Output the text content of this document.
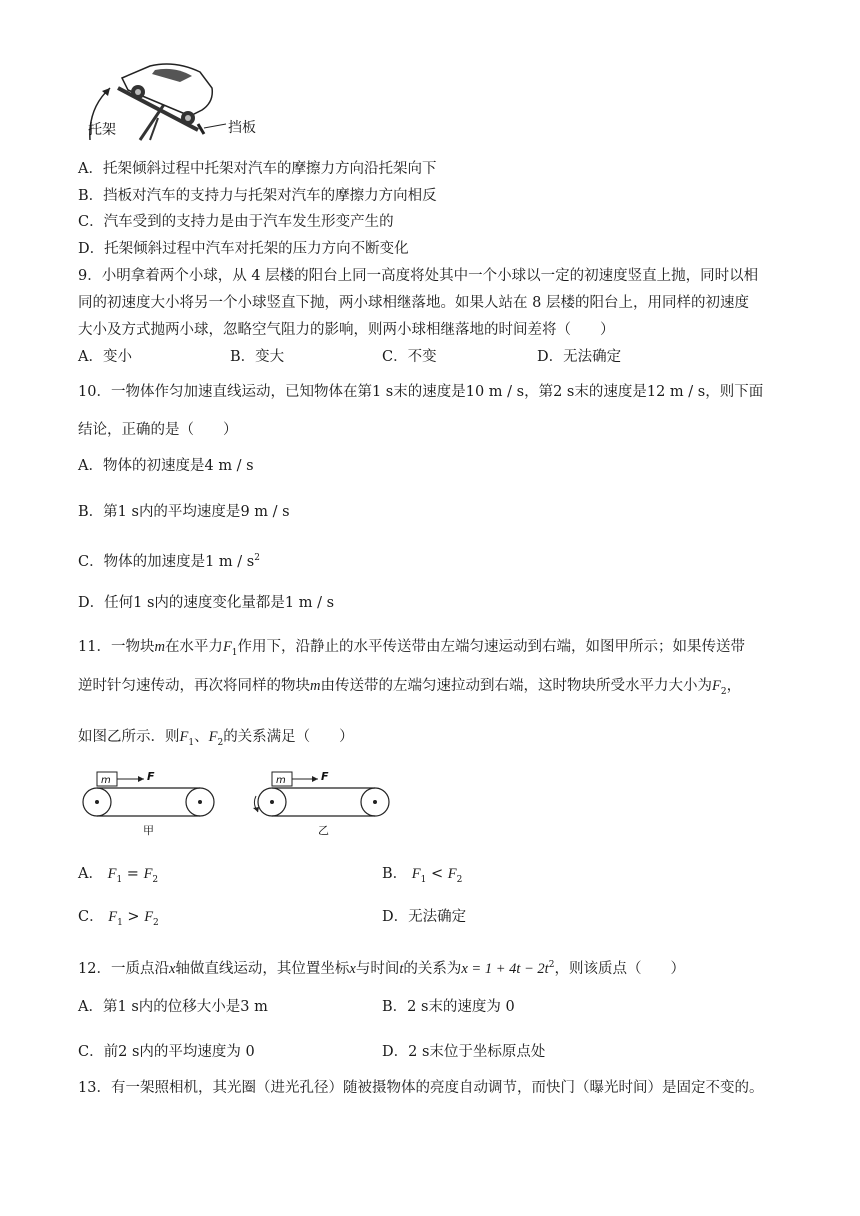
托架	挡板
A．托架倾斜过程中托架对汽车的摩擦力方向沿托架向下
B．挡板对汽车的支持力与托架对汽车的摩擦力方向相反
C．汽车受到的支持力是由于汽车发生形变产生的
D．托架倾斜过程中汽车对托架的压力方向不断变化
9．小明拿着两个小球，从 4 层楼的阳台上同一高度将处其中一个小球以一定的初速度竖直上抛，同时以相
同的初速度大小将另一个小球竖直下抛，两小球相继落地。如果人站在 8 层楼的阳台上，用同样的初速度
大小及方式抛两小球，忽略空气阻力的影响，则两小球相继落地的时间差将（　　）
A．变小	B．变大	C．不变	D．无法确定
10．一物体作匀加速直线运动，已知物体在第1 s末的速度是10 m / s，第2 s末的速度是12 m / s，则下面
结论，正确的是（　　）
A．物体的初速度是4 m / s
B．第1 s内的平均速度是9 m / s
C．物体的加速度是1 m / $s^2$
D．任何1 s内的速度变化量都是1 m / s
11．一物块m在水平力$F_1$作用下，沿静止的水平传送带由左端匀速运动到右端，如图甲所示；如果传送带
逆时针匀速传动，再次将同样的物块m由传送带的左端匀速拉动到右端，这时物块所受水平力大小为$F_2$，
如图乙所示．则$F_1$、$F_2$的关系满足（　　）
m	F
甲
m	F
乙
A． $F_1 = F_2$	B． $F_1 < F_2$
C． $F_1 > F_2$	D．无法确定
12．一质点沿x轴做直线运动，其位置坐标x与时间t的关系为$x = 1 + 4t - 2t^2$，则该质点（　　）
A．第1 s内的位移大小是3 m	B．2 s末的速度为 0
C．前2 s内的平均速度为 0	D．2 s末位于坐标原点处
13．有一架照相机，其光圈（进光孔径）随被摄物体的亮度自动调节，而快门（曝光时间）是固定不变的。
